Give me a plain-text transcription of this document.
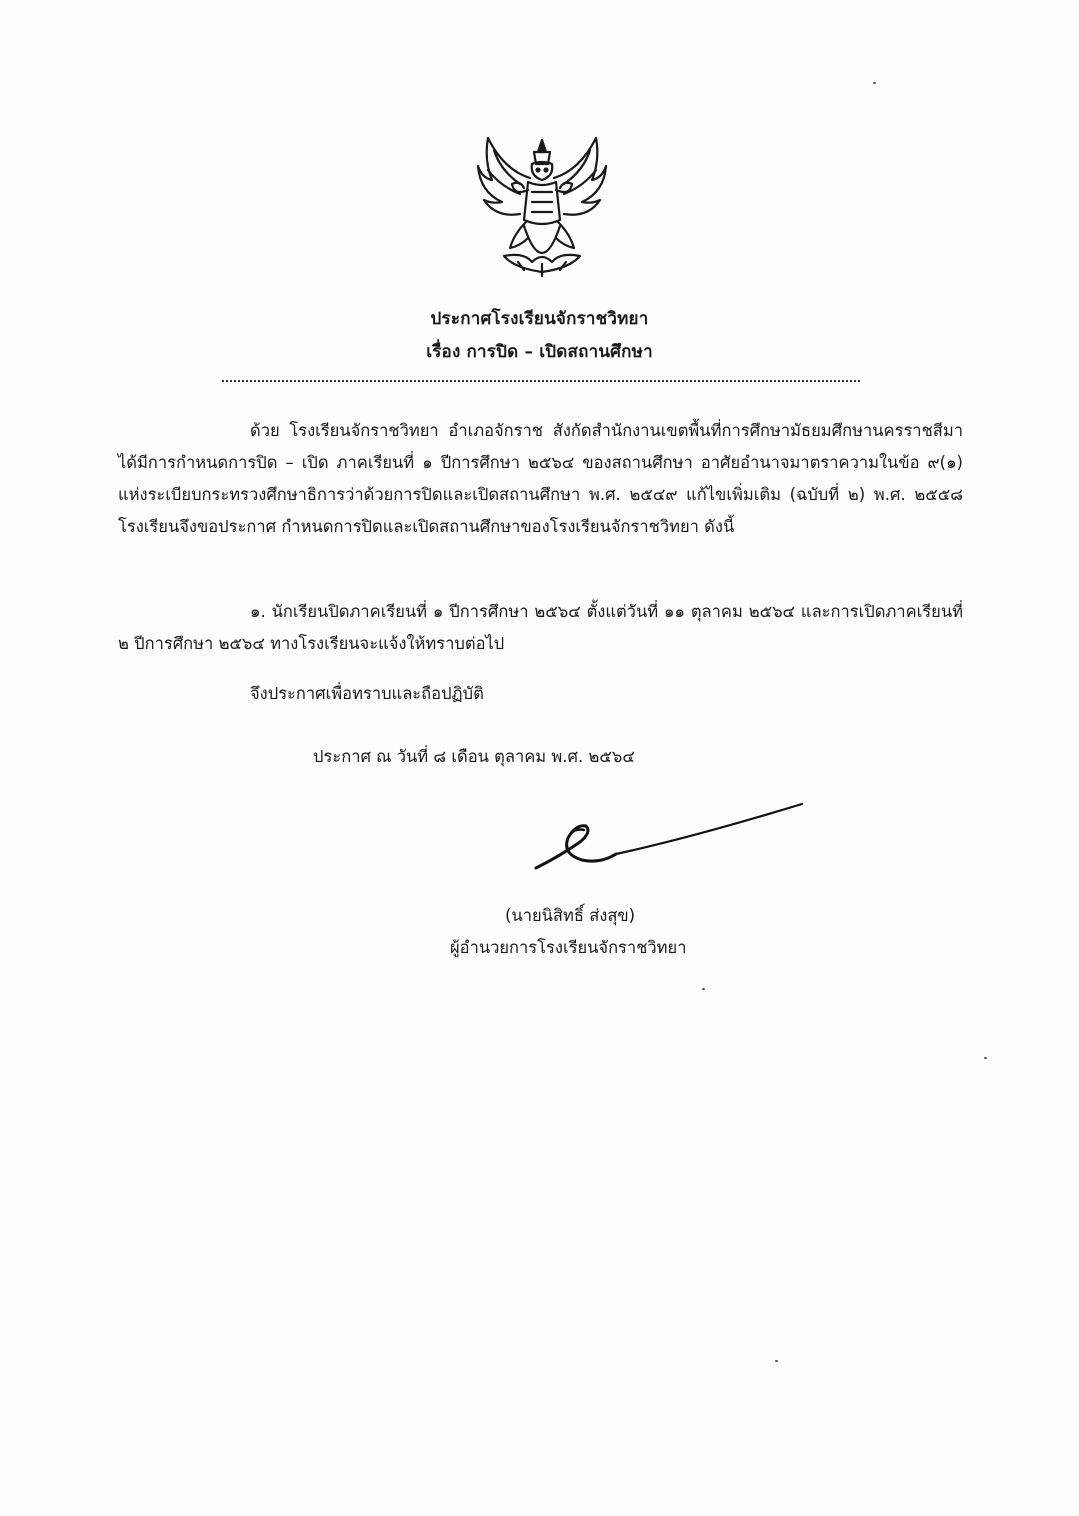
ประกาศโรงเรียนจักราชวิทยา
เรื่อง การปิด – เปิดสถานศึกษา
ด้วย โรงเรียนจักราชวิทยา อำเภอจักราช สังกัดสำนักงานเขตพื้นที่การศึกษามัธยมศึกษานครราชสีมา ได้มีการกำหนดการปิด – เปิด ภาคเรียนที่ ๑ ปีการศึกษา ๒๕๖๔ ของสถานศึกษา อาศัยอำนาจมาตราความในข้อ ๙(๑) แห่งระเบียบกระทรวงศึกษาธิการว่าด้วยการปิดและเปิดสถานศึกษา พ.ศ. ๒๕๔๙ แก้ไขเพิ่มเติม (ฉบับที่ ๒) พ.ศ. ๒๕๕๘ โรงเรียนจึงขอประกาศ กำหนดการปิดและเปิดสถานศึกษาของโรงเรียนจักราชวิทยา ดังนี้
๑. นักเรียนปิดภาคเรียนที่ ๑ ปีการศึกษา ๒๕๖๔ ตั้งแต่วันที่ ๑๑ ตุลาคม ๒๕๖๔ และการเปิดภาคเรียนที่ ๒ ปีการศึกษา ๒๕๖๔ ทางโรงเรียนจะแจ้งให้ทราบต่อไป
จึงประกาศเพื่อทราบและถือปฏิบัติ
ประกาศ ณ วันที่ ๘ เดือน ตุลาคม พ.ศ. ๒๕๖๔
(นายนิสิทธิ์ ส่งสุข)
ผู้อำนวยการโรงเรียนจักราชวิทยา
